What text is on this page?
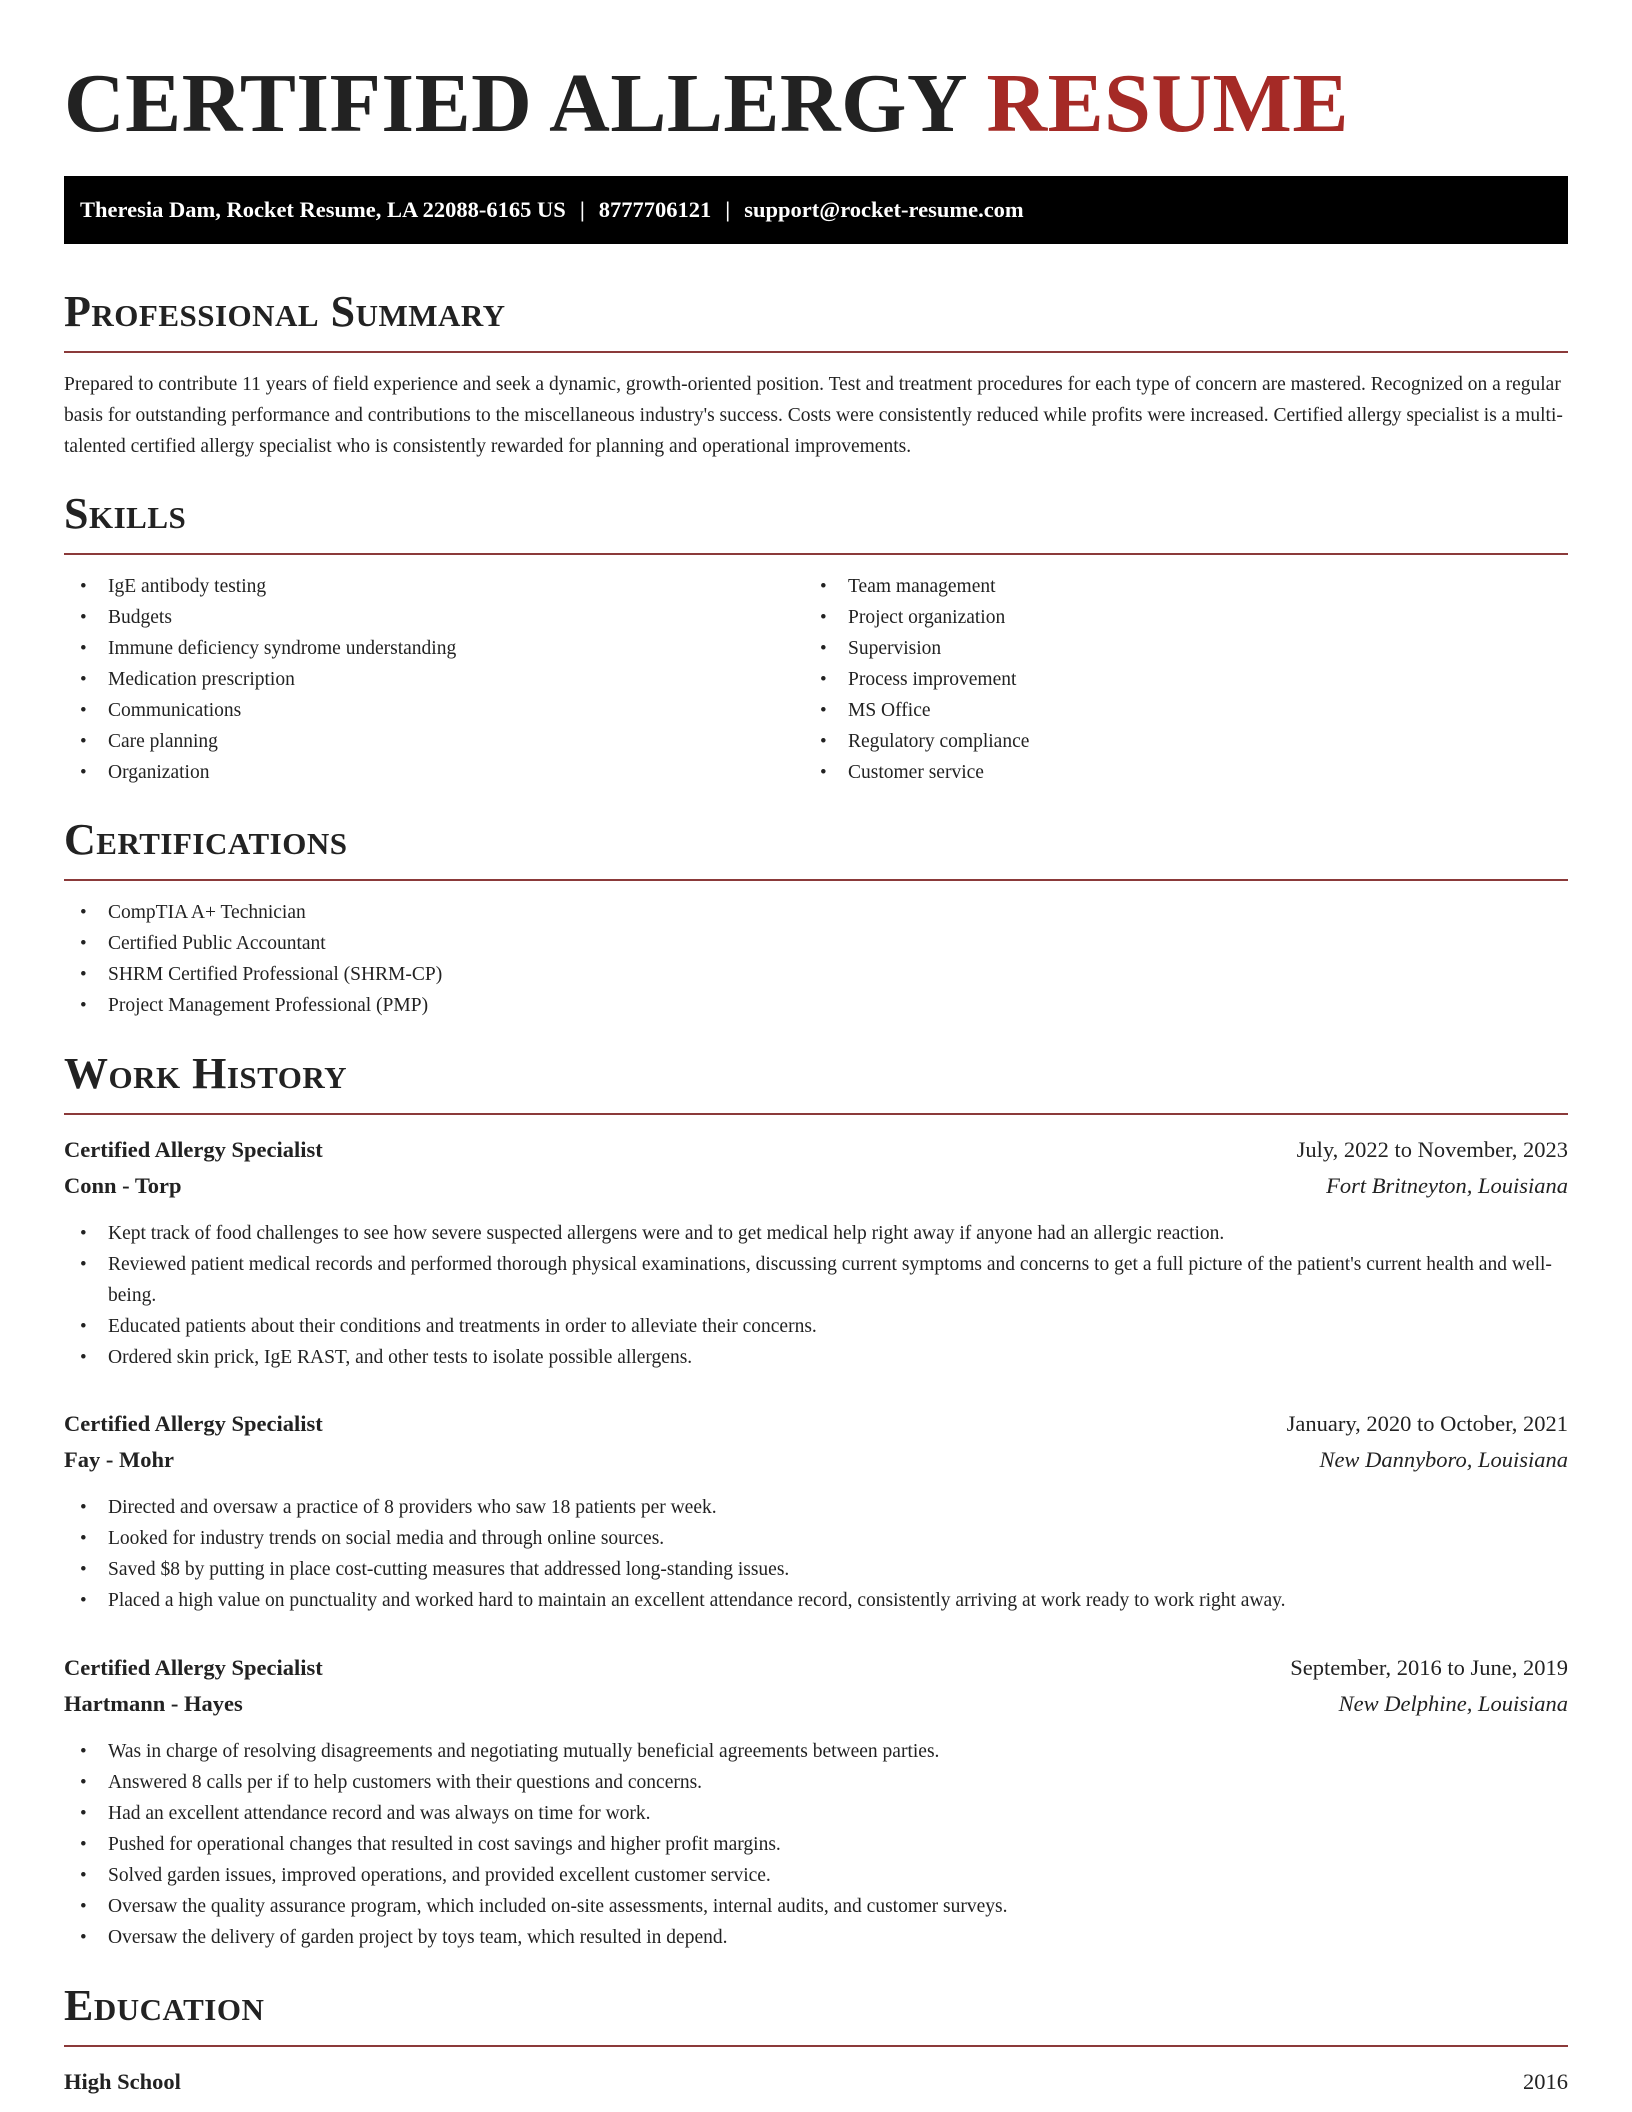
CERTIFIED ALLERGY RESUME
Theresia Dam, Rocket Resume, LA 22088-6165 US | 8777706121 | support@rocket-resume.com
Professional Summary

Prepared to contribute 11 years of field experience and seek a dynamic, growth-oriented position. Test and treatment procedures for each type of concern are mastered. Recognized on a regular basis for outstanding performance and contributions to the miscellaneous industry's success. Costs were consistently reduced while profits were increased. Certified allergy specialist is a multi-talented certified allergy specialist who is consistently rewarded for planning and operational improvements.

Skills
• IgE antibody testing
• Budgets
• Immune deficiency syndrome understanding
• Medication prescription
• Communications
• Care planning
• Organization
• Team management
• Project organization
• Supervision
• Process improvement
• MS Office
• Regulatory compliance
• Customer service
Certifications
• CompTIA A+ Technician
• Certified Public Accountant
• SHRM Certified Professional (SHRM-CP)
• Project Management Professional (PMP)
Work History
Certified Allergy Specialist	July, 2022 to November, 2023
Conn - Torp	Fort Britneyton, Louisiana
• Kept track of food challenges to see how severe suspected allergens were and to get medical help right away if anyone had an allergic reaction.
• Reviewed patient medical records and performed thorough physical examinations, discussing current symptoms and concerns to get a full picture of the patient's current health and well-being.
• Educated patients about their conditions and treatments in order to alleviate their concerns.
• Ordered skin prick, IgE RAST, and other tests to isolate possible allergens.
Certified Allergy Specialist	January, 2020 to October, 2021
Fay - Mohr	New Dannyboro, Louisiana
• Directed and oversaw a practice of 8 providers who saw 18 patients per week.
• Looked for industry trends on social media and through online sources.
• Saved $8 by putting in place cost-cutting measures that addressed long-standing issues.
• Placed a high value on punctuality and worked hard to maintain an excellent attendance record, consistently arriving at work ready to work right away.
Certified Allergy Specialist	September, 2016 to June, 2019
Hartmann - Hayes	New Delphine, Louisiana
• Was in charge of resolving disagreements and negotiating mutually beneficial agreements between parties.
• Answered 8 calls per if to help customers with their questions and concerns.
• Had an excellent attendance record and was always on time for work.
• Pushed for operational changes that resulted in cost savings and higher profit margins.
• Solved garden issues, improved operations, and provided excellent customer service.
• Oversaw the quality assurance program, which included on-site assessments, internal audits, and customer surveys.
• Oversaw the delivery of garden project by toys team, which resulted in depend.
Education
High School	2016
